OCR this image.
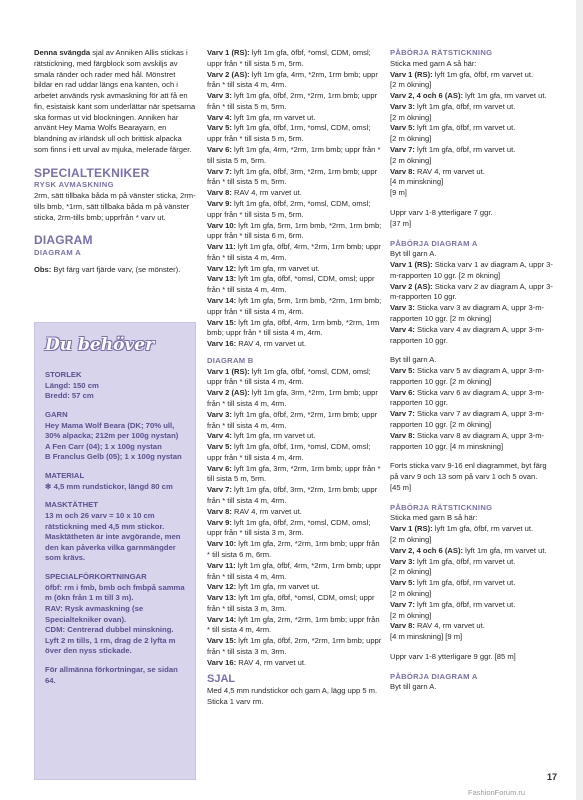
Denna svängda sjal av Anniken Allis stickas i rätstickning, med färgblock som avskiljs av smala ränder och rader med hål. Mönstret bildar en rad uddar längs ena kanten, och i arbetet används rysk avmaskning för att få en fin, esistaisk kant som underlättar när spetsarna ska formas ut vid blockningen. Anniken har använt Hey Mama Wolfs Bearayarn, en blandning av irländsk ull och brittisk alpacka som finns i ett urval av mjuka, melerade färger.

SPECIALTEKNIKER
RYSK AVMASKNING

2rm, sätt tillbaka båda m på vänster sticka, 2rm-tills bmb, *1rm, sätt tillbaka båda m på vänster sticka, 2rm-tills bmb; upprfrån * varv ut.

DIAGRAM
DIAGRAM A

Obs: Byt färg vart fjärde varv, (se mönster).

Du behöver
STORLEK
Längd: 150 cm
Bredd: 57 cm
GARN
Hey Mama Wolf Beara (DK; 70% ull, 30% alpacka; 212m per 100g nystan)
A Fen Carr (04); 1 x 100g nystan
B Franclus Gelb (05); 1 x 100g nystan
MATERIAL
✻ 4,5 mm rundstickor, längd 80 cm
MASKTÄTHET
13 m och 26 varv = 10 x 10 cm rätstickning med 4,5 mm stickor. Masktätheten är inte avgörande, men den kan påverka vilka garnmängder som krävs.
SPECIALFÖRKORTNINGAR
öfbf: rm i fmb, bmb och fmbpå samma m (ökn från 1 m till 3 m).
RAV: Rysk avmaskning (se Specialtekniker ovan).
CDM: Centrerad dubbel minskning. Lyft 2 m tills, 1 rm, drag de 2 lyfta m över den nyss stickade.
För allmänna förkortningar, se sidan 64.

Varv 1 (RS): lyft 1m gfa, öfbf, *omsl, CDM, omsl; uppr från * till sista 5 m, 5rm.

Varv 2 (AS): lyft 1m gfa, 4rm, *2rm, 1rm bmb; uppr från * till sista 4 m, 4rm.

Varv 3: lyft 1m gfa, öfbf, 2rm, *2rm, 1rm bmb; uppr från * till sista 5 m, 5rm.

Varv 4: lyft 1m gfa, rm varvet ut.

Varv 5: lyft 1m gfa, öfbf, 1rm, *omsl, CDM, omsl; uppr från * till sista 5 m, 5rm.

Varv 6: lyft 1m gfa, 4rm, *2rm, 1rm bmb; uppr från * till sista 5 m, 5rm.

Varv 7: lyft 1m gfa, öfbf, 3rm, *2rm, 1rm bmb; uppr från * till sista 5 m, 5rm.

Varv 8: RAV 4, rm varvet ut.

Varv 9: lyft 1m gfa, öfbf, 2rm, *omsl, CDM, omsl; uppr från * till sista 5 m, 5rm.

Varv 10: lyft 1m gfa, 5rm, 1rm bmb, *2rm, 1rm bmb; uppr från * till sista 6 m, 6rm.

Varv 11: lyft 1m gfa, öfbf, 4rm, *2rm, 1rm bmb; uppr från * till sista 4 m, 4rm.

Varv 12: lyft 1m gfa, rm varvet ut.

Varv 13: lyft 1m gfa, öfbf, *omsl, CDM, omsl; uppr från * till sista 4 m, 4rm.

Varv 14: lyft 1m gfa, 5rm, 1rm bmb, *2rm, 1rm bmb; uppr från * till sista 4 m, 4rm.

Varv 15: lyft 1m gfa, öfbf, 4rm, 1rm bmb, *2rm, 1rm bmb; uppr från * till sista 4 m, 4rm.

Varv 16: RAV 4, rm varvet ut.

DIAGRAM B

Varv 1 (RS): lyft 1m gfa, öfbf, *omsl, CDM, omsl; uppr från * till sista 4 m, 4rm.

Varv 2 (AS): lyft 1m gfa, 3rm, *2rm, 1rm bmb; uppr från * till sista 4 m, 4rm.

Varv 3: lyft 1m gfa, öfbf, 2rm, *2rm, 1rm bmb; uppr från * till sista 4 m, 4rm.

Varv 4: lyft 1m gfa, rm varvet ut.

Varv 5: lyft 1m gfa, öfbf, 1rm, *omsl, CDM, omsl; uppr från * till sista 4 m, 4rm.

Varv 6: lyft 1m gfa, 3rm, *2rm, 1rm bmb; uppr från * till sista 5 m, 5rm.

Varv 7: lyft 1m gfa, öfbf, 3rm, *2rm, 1rm bmb; uppr från * till sista 4 m, 4rm.

Varv 8: RAV 4, rm varvet ut.

Varv 9: lyft 1m gfa, öfbf, 2rm, *omsl, CDM, omsl; uppr från * till sista 3 m, 3rm.

Varv 10: lyft 1m gfa, 2rm, *2rm, 1rm bmb; uppr från * till sista 6 m, 6rm.

Varv 11: lyft 1m gfa, öfbf, 4rm, *2rm, 1rm bmb; uppr från * till sista 4 m, 4rm.

Varv 12: lyft 1m gfa, rm varvet ut.

Varv 13: lyft 1m gfa, öfbf, *omsl, CDM, omsl; uppr från * till sista 3 m, 3rm.

Varv 14: lyft 1m gfa, 2rm, *2rm, 1rm bmb; uppr från * till sista 4 m, 4rm.

Varv 15: lyft 1m gfa, öfbf, 2rm, *2rm, 1rm bmb; uppr från * till sista 3 m, 3rm.

Varv 16: RAV 4, rm varvet ut.

SJAL

Med 4,5 mm rundstickor och garn A, lägg upp 5 m.

Sticka 1 varv rm.

PÅBÖRJA RÄTSTICKNING

Sticka med garn A så här:

Varv 1 (RS): lyft 1m gfa, öfbf, rm varvet ut.

[2 m ökning]

Varv 2, 4 och 6 (AS): lyft 1m gfa, rm varvet ut.

Varv 3: lyft 1m gfa, öfbf, rm varvet ut.

[2 m ökning]

Varv 5: lyft 1m gfa, öfbf, rm varvet ut.

[2 m ökning]

Varv 7: lyft 1m gfa, öfbf, rm varvet ut.

[2 m ökning]

Varv 8: RAV 4, rm varvet ut.

[4 m minskning]

[9 m]

Uppr varv 1-8 ytterligare 7 ggr.

[37 m]

PÅBÖRJA DIAGRAM A

Byt till garn A.

Varv 1 (RS): Sticka varv 1 av diagram A, uppr 3-m-rapporten 10 ggr. [2 m ökning]

Varv 2 (AS): Sticka varv 2 av diagram A, uppr 3-m-rapporten 10 ggr.

Varv 3: Sticka varv 3 av diagram A, uppr 3-m-rapporten 10 ggr. [2 m ökning]

Varv 4: Sticka varv 4 av diagram A, uppr 3-m-rapporten 10 ggr.

Byt till garn A.

Varv 5: Sticka varv 5 av diagram A, uppr 3-m-rapporten 10 ggr. [2 m ökning]

Varv 6: Sticka varv 6 av diagram A, uppr 3-m-rapporten 10 ggr.

Varv 7: Sticka varv 7 av diagram A, uppr 3-m-rapporten 10 ggr. [2 m ökning]

Varv 8: Sticka varv 8 av diagram A, uppr 3-m-rapporten 10 ggr. [4 m minskning]

Forts sticka varv 9-16 enl diagrammet, byt färg på varv 9 och 13 som på varv 1 och 5 ovan.

[45 m]

PÅBÖRJA RÄTSTICKNING

Sticka med garn B så här:

Varv 1 (RS): lyft 1m gfa, öfbf, rm varvet ut.

[2 m ökning]

Varv 2, 4 och 6 (AS): lyft 1m gfa, rm varvet ut.

Varv 3: lyft 1m gfa, öfbf, rm varvet ut.

[2 m ökning]

Varv 5: lyft 1m gfa, öfbf, rm varvet ut.

[2 m ökning]

Varv 7: lyft 1m gfa, öfbf, rm varvet ut.

[2 m ökning]

Varv 8: RAV 4, rm varvet ut.

[4 m minskning] [9 m]

Uppr varv 1-8 ytterligare 9 ggr. [85 m]

PÅBÖRJA DIAGRAM A

Byt till garn A.

17
FashionForum.ru
